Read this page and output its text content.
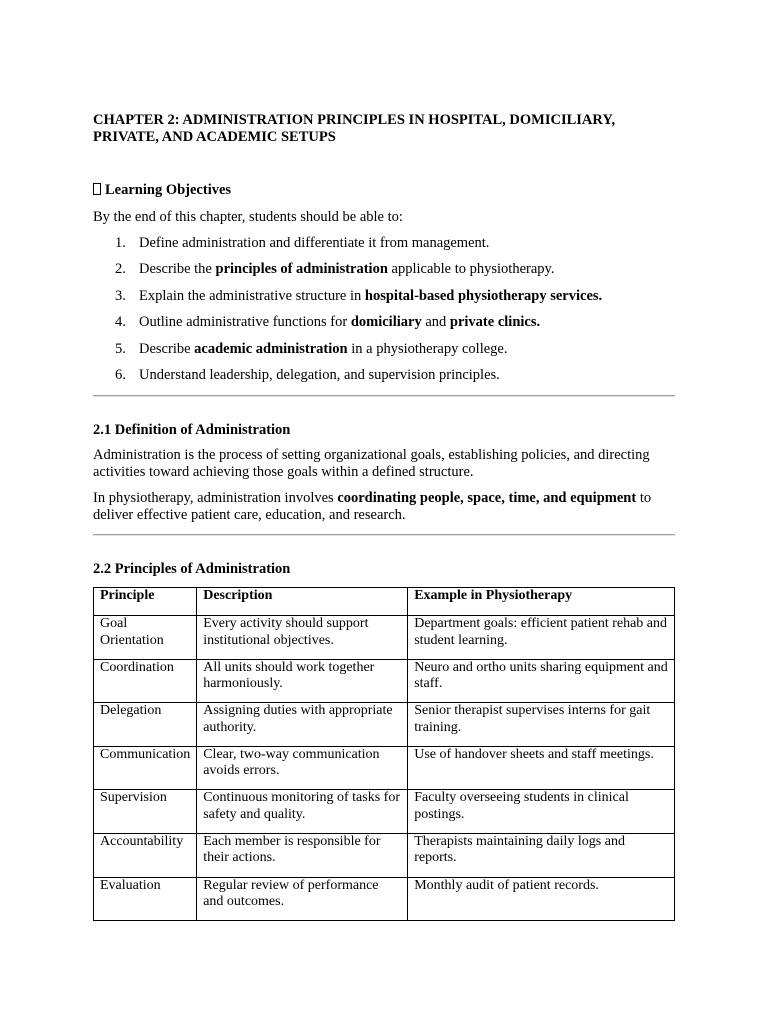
CHAPTER 2: ADMINISTRATION PRINCIPLES IN HOSPITAL, DOMICILIARY, PRIVATE, AND ACADEMIC SETUPS
Learning Objectives
By the end of this chapter, students should be able to:
1. Define administration and differentiate it from management.
2. Describe the principles of administration applicable to physiotherapy.
3. Explain the administrative structure in hospital-based physiotherapy services.
4. Outline administrative functions for domiciliary and private clinics.
5. Describe academic administration in a physiotherapy college.
6. Understand leadership, delegation, and supervision principles.
2.1 Definition of Administration
Administration is the process of setting organizational goals, establishing policies, and directing activities toward achieving those goals within a defined structure.
In physiotherapy, administration involves coordinating people, space, time, and equipment to deliver effective patient care, education, and research.
2.2 Principles of Administration
Principle	Description	Example in Physiotherapy
Goal Orientation	Every activity should support institutional objectives.	Department goals: efficient patient rehab and student learning.
Coordination	All units should work together harmoniously.	Neuro and ortho units sharing equipment and staff.
Delegation	Assigning duties with appropriate authority.	Senior therapist supervises interns for gait training.
Communication	Clear, two-way communication avoids errors.	Use of handover sheets and staff meetings.
Supervision	Continuous monitoring of tasks for safety and quality.	Faculty overseeing students in clinical postings.
Accountability	Each member is responsible for their actions.	Therapists maintaining daily logs and reports.
Evaluation	Regular review of performance and outcomes.	Monthly audit of patient records.
